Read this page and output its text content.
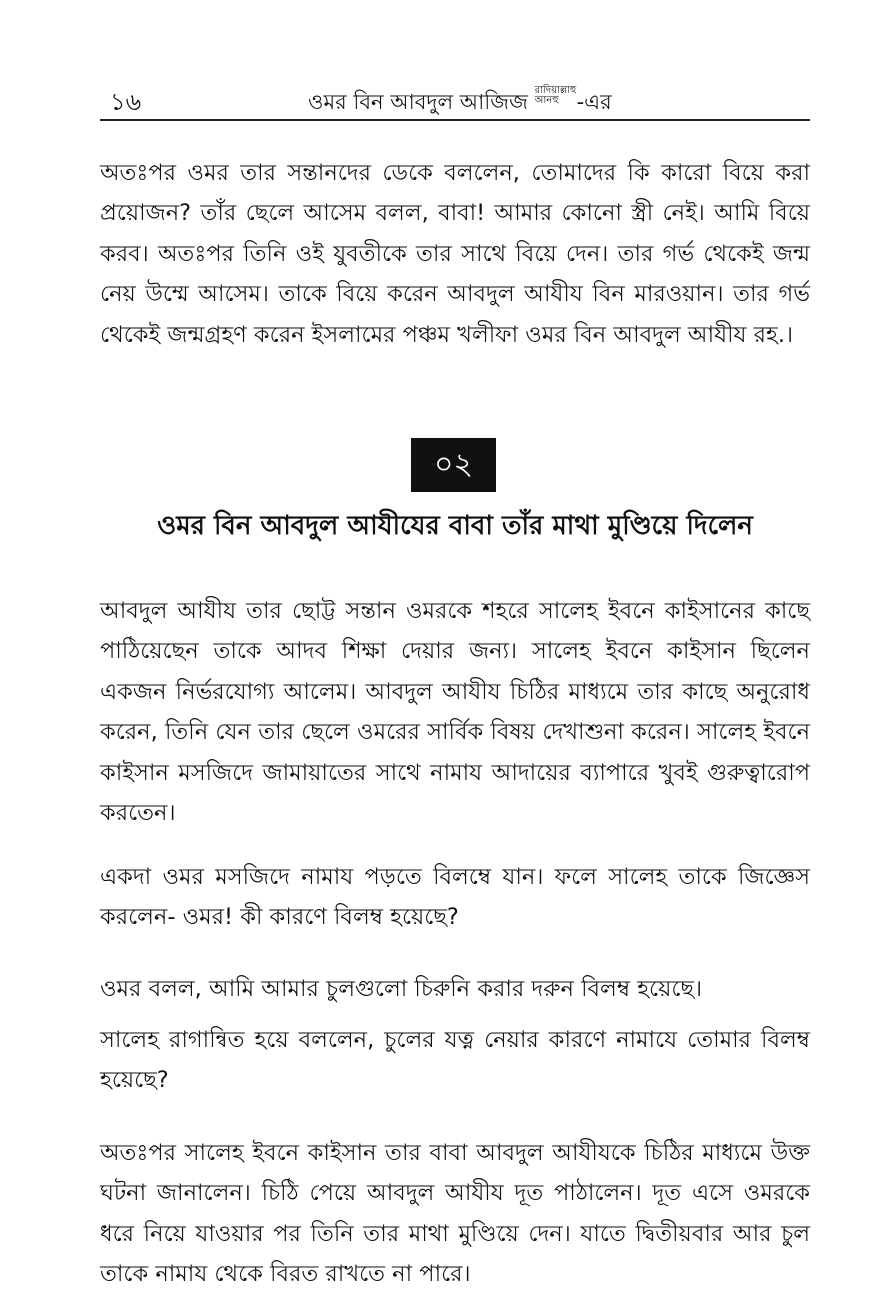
১৬	ওমর বিন আবদুল আজিজ রাদিয়াল্লাহু আনহু -এর

অতঃপর ওমর তার সন্তানদের ডেকে বললেন, তোমাদের কি কারো বিয়ে করা প্রয়োজন? তাঁর ছেলে আসেম বলল, বাবা! আমার কোনো স্ত্রী নেই। আমি বিয়ে করব। অতঃপর তিনি ওই যুবতীকে তার সাথে বিয়ে দেন। তার গর্ভ থেকেই জন্ম নেয় উম্মে আসেম। তাকে বিয়ে করেন আবদুল আযীয বিন মারওয়ান। তার গর্ভ থেকেই জন্মগ্রহণ করেন ইসলামের পঞ্চম খলীফা ওমর বিন আবদুল আযীয রহ.।

০২
ওমর বিন আবদুল আযীযের বাবা তাঁর মাথা মুণ্ডিয়ে দিলেন

আবদুল আযীয তার ছোট্ট সন্তান ওমরকে শহরে সালেহ ইবনে কাইসানের কাছে পাঠিয়েছেন তাকে আদব শিক্ষা দেয়ার জন্য। সালেহ ইবনে কাইসান ছিলেন একজন নির্ভরযোগ্য আলেম। আবদুল আযীয চিঠির মাধ্যমে তার কাছে অনুরোধ করেন, তিনি যেন তার ছেলে ওমরের সার্বিক বিষয় দেখাশুনা করেন। সালেহ ইবনে কাইসান মসজিদে জামায়াতের সাথে নামায আদায়ের ব্যাপারে খুবই গুরুত্বারোপ করতেন।

একদা ওমর মসজিদে নামায পড়তে বিলম্বে যান। ফলে সালেহ তাকে জিজ্ঞেস করলেন- ওমর! কী কারণে বিলম্ব হয়েছে?

ওমর বলল, আমি আমার চুলগুলো চিরুনি করার দরুন বিলম্ব হয়েছে।

সালেহ রাগান্বিত হয়ে বললেন, চুলের যত্ন নেয়ার কারণে নামাযে তোমার বিলম্ব হয়েছে?

অতঃপর সালেহ ইবনে কাইসান তার বাবা আবদুল আযীযকে চিঠির মাধ্যমে উক্ত ঘটনা জানালেন। চিঠি পেয়ে আবদুল আযীয দূত পাঠালেন। দূত এসে ওমরকে ধরে নিয়ে যাওয়ার পর তিনি তার মাথা মুণ্ডিয়ে দেন। যাতে দ্বিতীয়বার আর চুল তাকে নামায থেকে বিরত রাখতে না পারে।
